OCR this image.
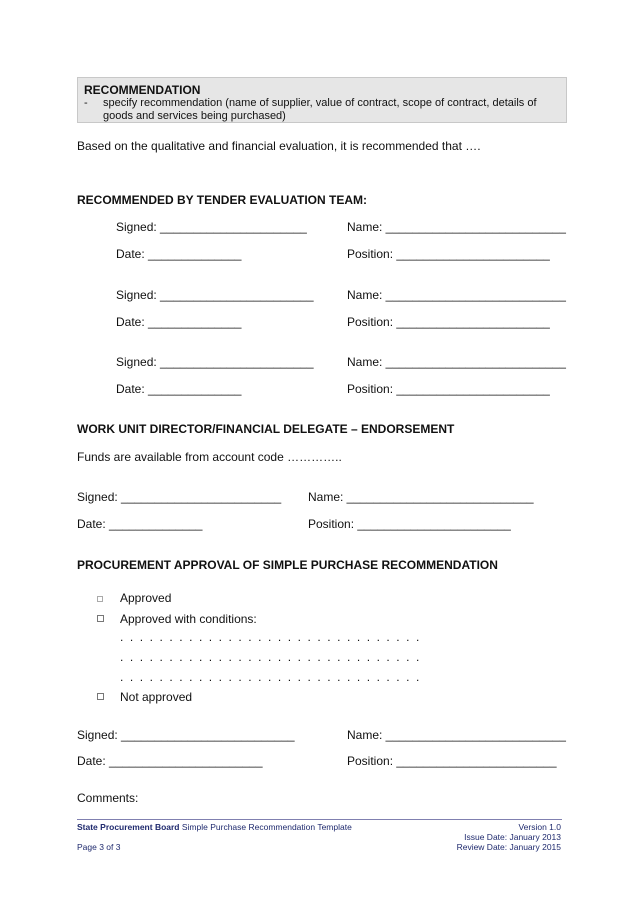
RECOMMENDATION
- specify recommendation (name of supplier, value of contract, scope of contract, details of goods and services being purchased)
Based on the qualitative and financial evaluation, it is recommended that ….
RECOMMENDED BY TENDER EVALUATION TEAM:
Signed: ______________________	Name: ___________________________
Date: ______________	Position: _______________________
Signed: _______________________	Name: ___________________________
Date: ______________	Position: _______________________
Signed: _______________________	Name: ___________________________
Date: ______________	Position: _______________________
WORK UNIT DIRECTOR/FINANCIAL DELEGATE – ENDORSEMENT
Funds are available from account code …………..
Signed: ________________________ Name: ____________________________
Date: ______________	Position: _______________________
PROCUREMENT APPROVAL OF SIMPLE PURCHASE RECOMMENDATION
Approved
Approved with conditions:
. . . . . . . . . . . . . . . . . . . . . . . . . . . . . . .
. . . . . . . . . . . . . . . . . . . . . . . . . . . . . . .
. . . . . . . . . . . . . . . . . . . . . . . . . . . . . . .
Not approved
Signed: __________________________	Name: ___________________________
Date: _______________________	Position: ________________________
Comments:
State Procurement Board Simple Purchase Recommendation Template
Page 3 of 3
Version 1.0
Issue Date: January 2013
Review Date: January 2015
